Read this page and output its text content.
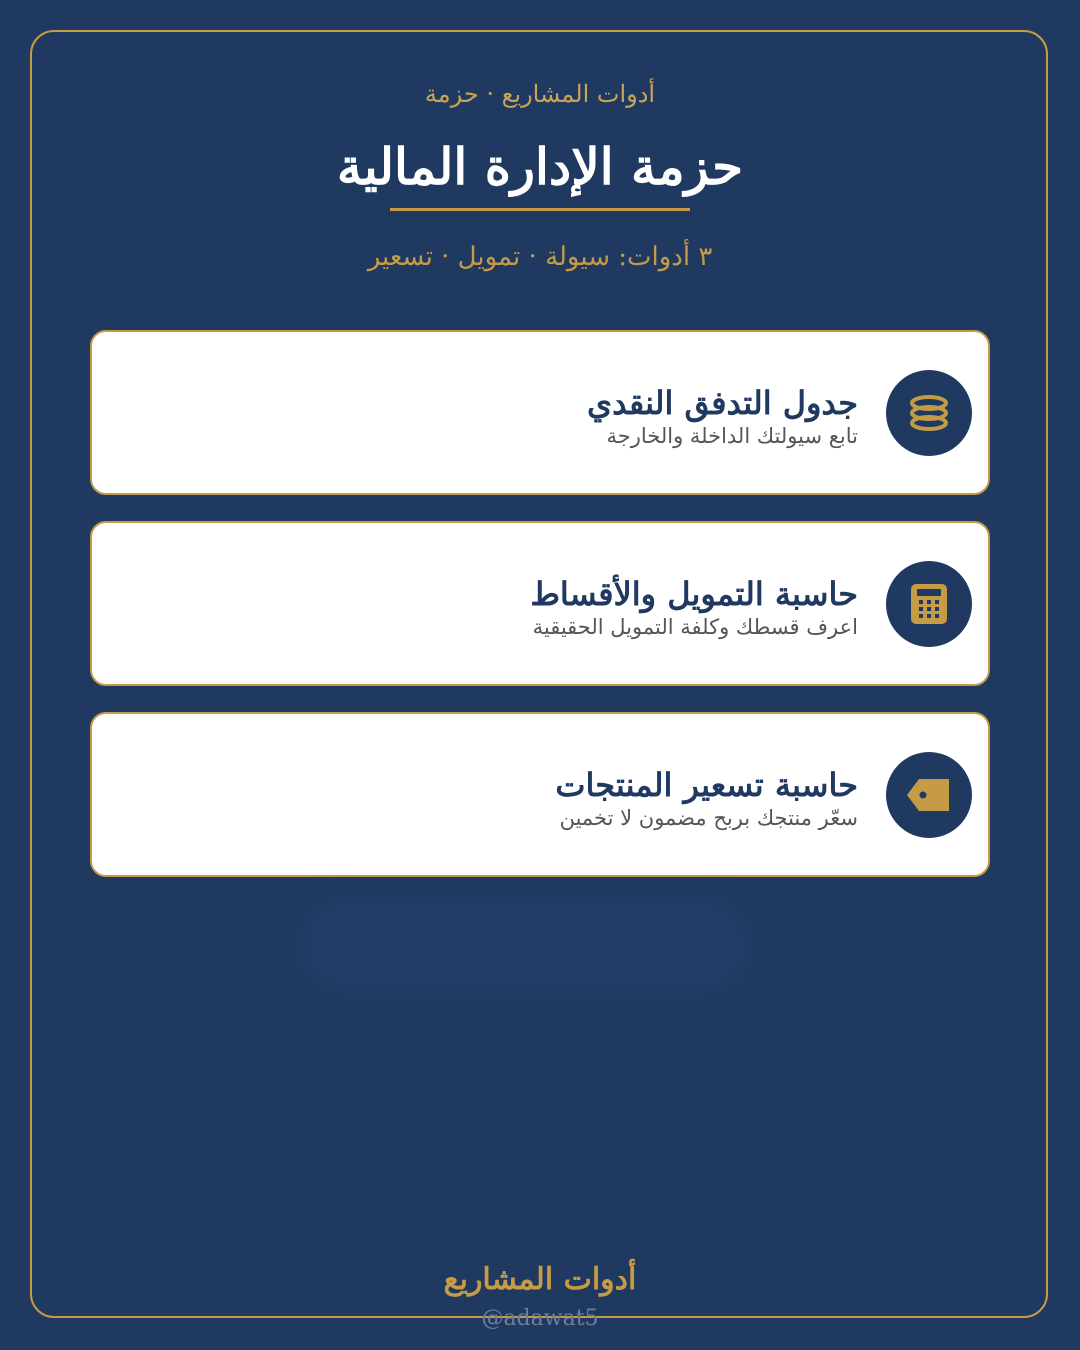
أدوات المشاريع · حزمة
حزمة الإدارة المالية
٣ أدوات: سيولة · تمويل · تسعير
جدول التدفق النقدي
تابع سيولتك الداخلة والخارجة
حاسبة التمويل والأقساط
اعرف قسطك وكلفة التمويل الحقيقية
حاسبة تسعير المنتجات
سعّر منتجك بربح مضمون لا تخمين
أدوات المشاريع
@adawat5
